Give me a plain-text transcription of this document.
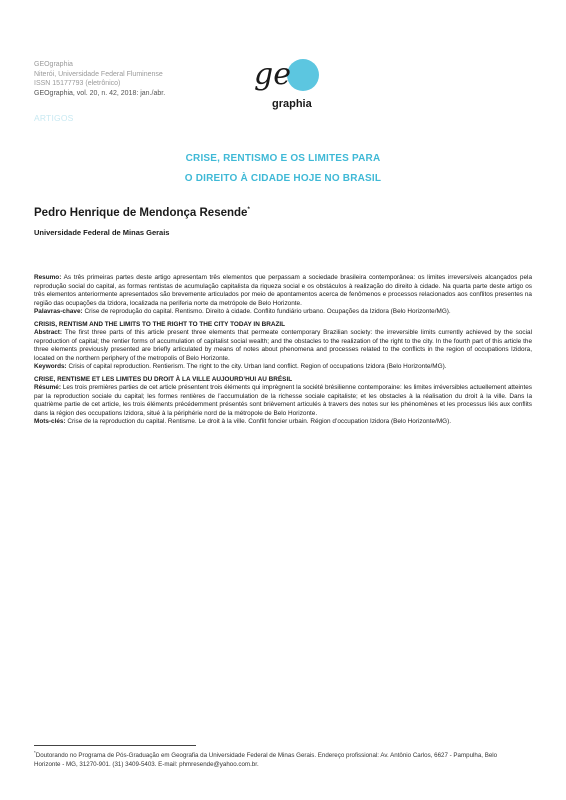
GEOgraphia
Niterói, Universidade Federal Fluminense
ISSN 15177793 (eletrônico)
GEOgraphia, vol. 20, n. 42, 2018: jan./abr.
ge
graphia
ARTIGOS
CRISE, RENTISMO E OS LIMITES PARA
O DIREITO À CIDADE HOJE NO BRASIL
Pedro Henrique de Mendonça Resende*
Universidade Federal de Minas Gerais

Resumo: As três primeiras partes deste artigo apresentam três elementos que perpassam a sociedade brasileira contemporânea: os limites irreversíveis alcançados pela reprodução social do capital, as formas rentistas de acumulação capitalista da riqueza social e os obstáculos à realização do direito à cidade. Na quarta parte deste artigo os três elementos anteriormente apresentados são brevemente articulados por meio de apontamentos acerca de fenômenos e processos relacionados aos conflitos presentes na região das ocupações da Izidora, localizada na periferia norte da metrópole de Belo Horizonte.

Palavras-chave: Crise de reprodução do capital. Rentismo. Direito à cidade. Conflito fundiário urbano. Ocupações da Izidora (Belo Horizonte/MG).

CRISIS, RENTISM AND THE LIMITS TO THE RIGHT TO THE CITY TODAY IN BRAZIL

Abstract: The first three parts of this article present three elements that permeate contemporary Brazilian society: the irreversible limits currently achieved by the social reproduction of capital; the rentier forms of accumulation of capitalist social wealth; and the obstacles to the realization of the right to the city. In the fourth part of this article the three elements previously presented are briefly articulated by means of notes about phenomena and processes related to the conflicts in the region of occupations Izidora, located on the northern periphery of the metropolis of Belo Horizonte.

Keywords: Crisis of capital reproduction. Rentierism. The right to the city. Urban land conflict. Region of occupations Izidora (Belo Horizonte/MG).

CRISE, RENTISME ET LES LIMITES DU DROIT À LA VILLE AUJOURD’HUI AU BRÉSIL

Résumé: Les trois premières parties de cet article présentent trois éléments qui imprègnent la société brésilienne contemporaine: les limites irréversibles actuellement atteintes par la reproduction sociale du capital; les formes rentières de l’accumulation de la richesse sociale capitaliste; et les obstacles à la réalisation du droit à la ville. Dans la quatrième partie de cet article, les trois éléments précédemment présentés sont brièvement articulés à travers des notes sur les phénomènes et les processus liés aux conflits dans la région des occupations Izidora, situé à la périphérie nord de la métropole de Belo Horizonte.

Mots-clés: Crise de la reproduction du capital. Rentisme. Le droit à la ville. Conflit foncier urbain. Région d’occupation Izidora (Belo Horizonte/MG).

*Doutorando no Programa de Pós-Graduação em Geografia da Universidade Federal de Minas Gerais. Endereço profissional: Av. Antônio Carlos, 6627 - Pampulha, Belo
Horizonte - MG, 31270-901. (31) 3409-5403. E-mail: phmresende@yahoo.com.br.
